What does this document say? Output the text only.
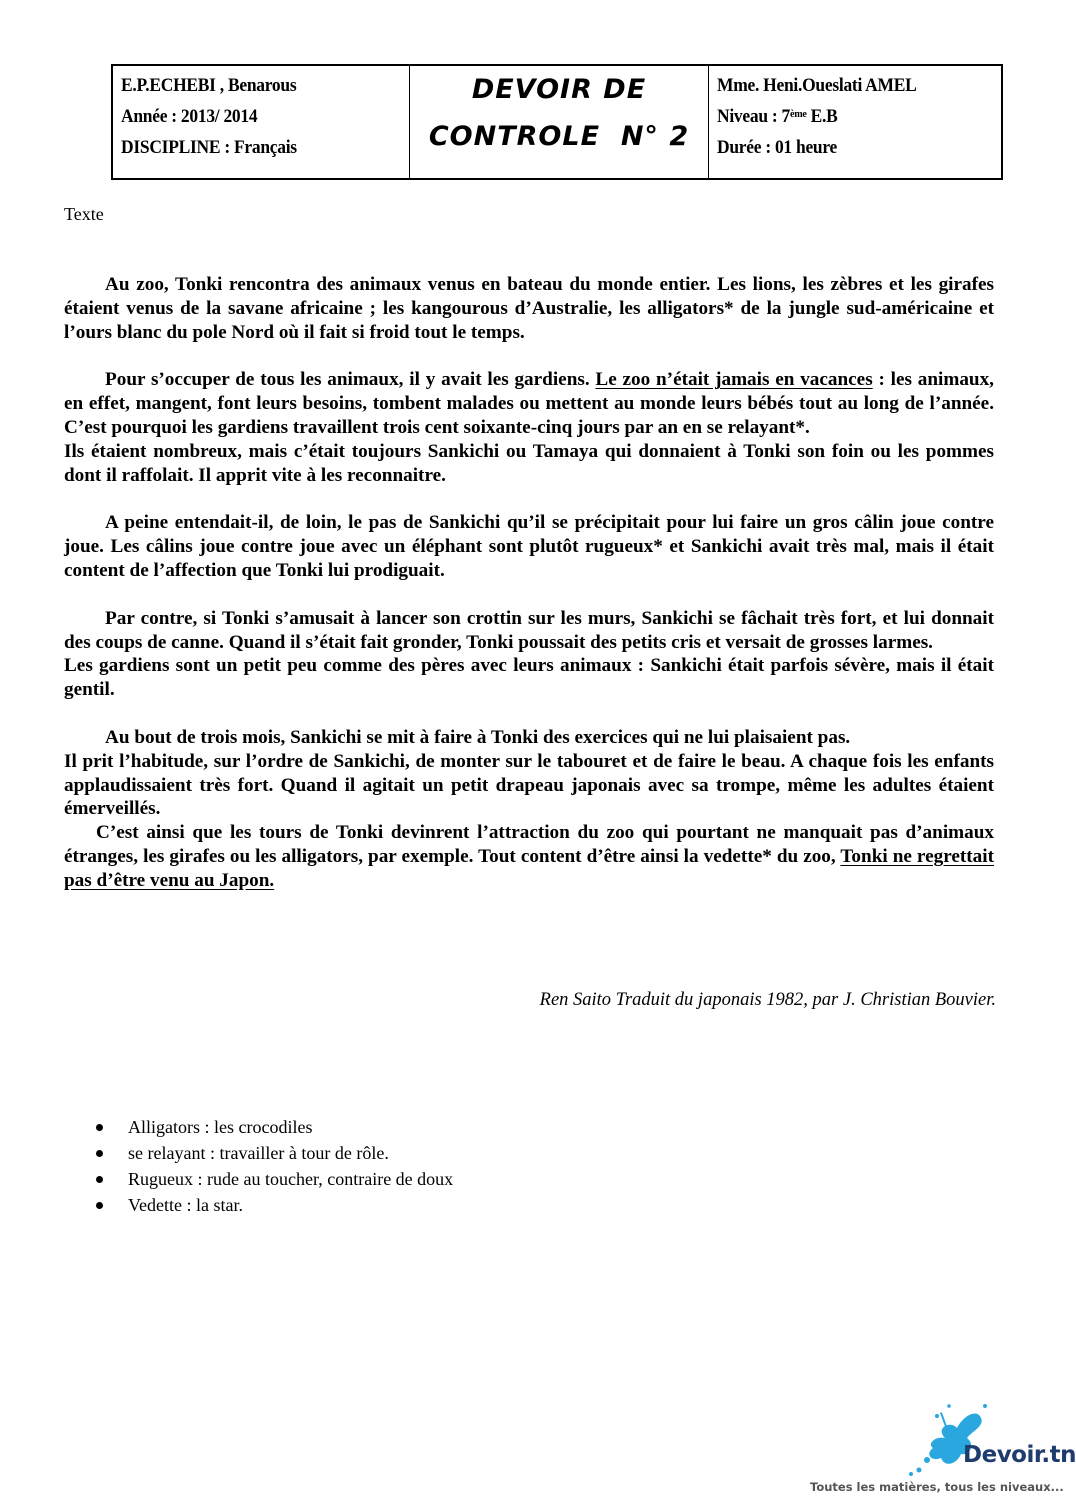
E.P.ECHEBI , Benarous
Année : 2013/ 2014
DISCIPLINE : Français
DEVOIR DE
CONTROLE  N° 2
Mme. Heni.Oueslati AMEL
Niveau : 7ème E.B
Durée : 01 heure
Texte

Au zoo, Tonki rencontra des animaux venus en bateau du monde entier. Les lions, les zèbres et les girafes étaient venus de la savane africaine ; les kangourous d’Australie, les alligators* de la jungle sud-américaine et l’ours blanc du pole Nord où il fait si froid tout le temps.

Pour s’occuper de tous les animaux, il y avait les gardiens. Le zoo n’était jamais en vacances : les animaux, en effet, mangent, font leurs besoins, tombent malades ou mettent au monde leurs bébés tout au long de l’année. C’est pourquoi les gardiens travaillent trois cent soixante-cinq jours par an en se relayant*.

Ils étaient nombreux, mais c’était toujours Sankichi ou Tamaya qui donnaient à Tonki son foin ou les pommes dont il raffolait. Il apprit vite à les reconnaitre.

A peine entendait-il, de loin, le pas de Sankichi qu’il se précipitait pour lui faire un gros câlin joue contre joue. Les câlins joue contre joue avec un éléphant sont plutôt rugueux* et Sankichi avait très mal, mais il était content de l’affection que Tonki lui prodiguait.

Par contre, si Tonki s’amusait à lancer son crottin sur les murs, Sankichi se fâchait très fort, et lui donnait des coups de canne. Quand il s’était fait gronder, Tonki poussait des petits cris et versait de grosses larmes.

Les gardiens sont un petit peu comme des pères avec leurs animaux : Sankichi était parfois sévère, mais il était gentil.

Au bout de trois mois, Sankichi se mit à faire à Tonki des exercices qui ne lui plaisaient pas.

Il prit l’habitude, sur l’ordre de Sankichi, de monter sur le tabouret et de faire le beau. A chaque fois les enfants applaudissaient très fort. Quand il agitait un petit drapeau japonais avec sa trompe, même les adultes étaient émerveillés.

C’est ainsi que les tours de Tonki devinrent l’attraction du zoo qui pourtant ne manquait pas d’animaux étranges, les girafes ou les alligators, par exemple. Tout content d’être ainsi la vedette* du zoo, Tonki ne regrettait pas d’être venu au Japon.

Ren Saito Traduit du japonais 1982, par J. Christian Bouvier.
Alligators : les crocodiles
se relayant : travailler à tour de rôle.
Rugueux : rude au toucher, contraire de doux
Vedette : la star.
Devoir.tn
Toutes les matières, tous les niveaux...
